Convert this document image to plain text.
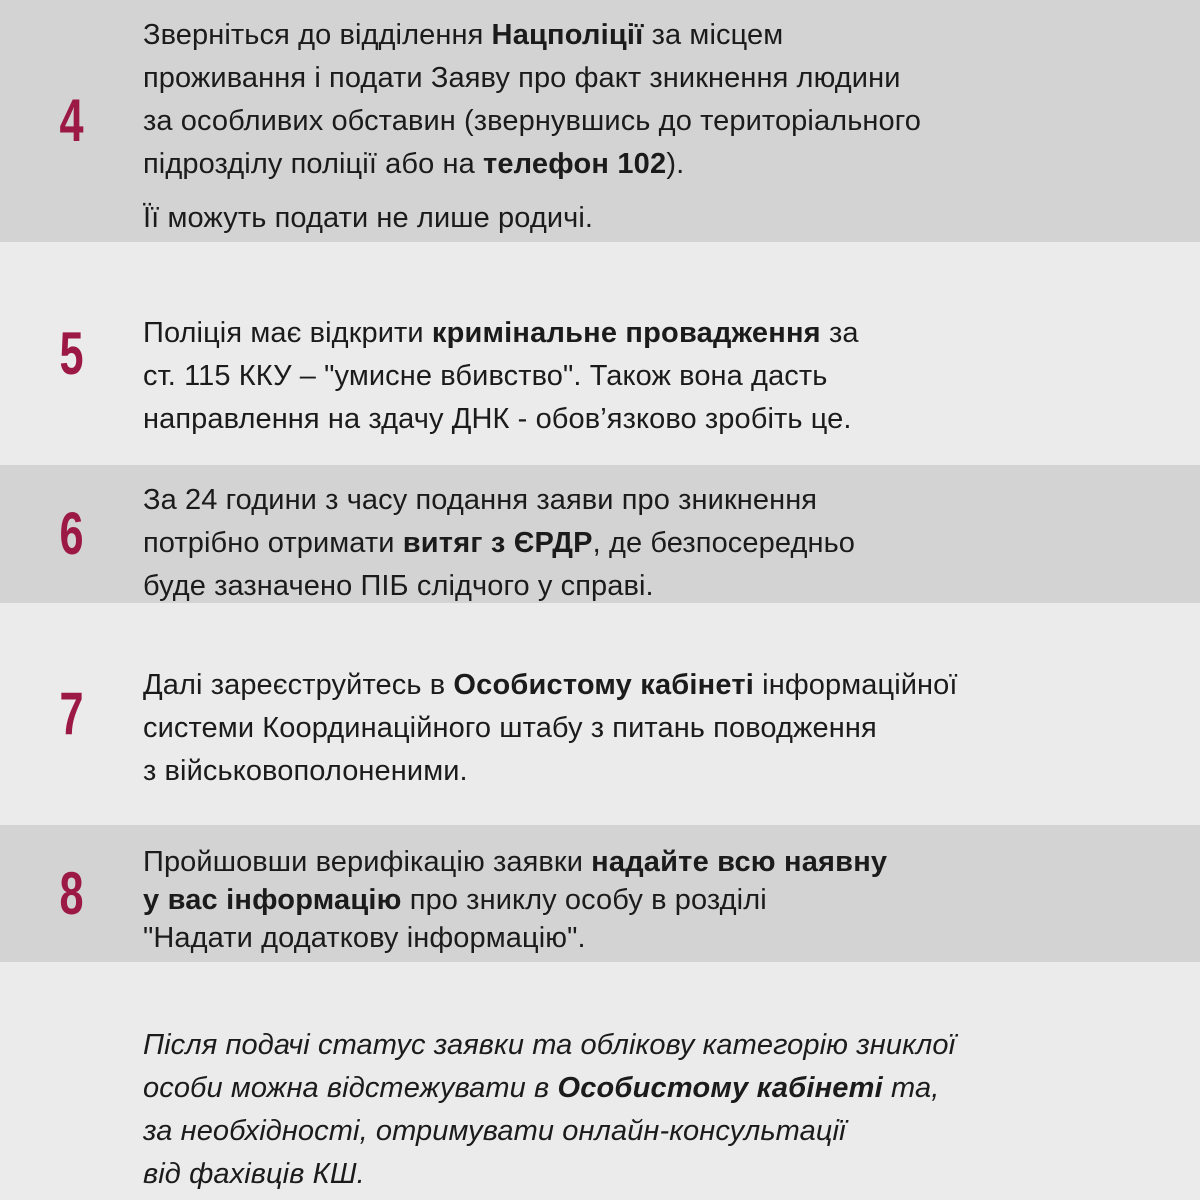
4
Зверніться до відділення Нацполіції за місцем
проживання і подати Заяву про факт зникнення людини
за особливих обставин (звернувшись до територіального
підрозділу поліції або на телефон 102).
Її можуть подати не лише родичі.
5 Поліція має відкрити кримінальне провадження за
ст. 115 ККУ – "умисне вбивство". Також вона дасть
направлення на здачу ДНК - обов’язково зробіть це.
6 За 24 години з часу подання заяви про зникнення
потрібно отримати витяг з ЄРДР, де безпосередньо
буде зазначено ПІБ слідчого у справі.
7 Далі зареєструйтесь в Особистому кабінеті інформаційної
системи Координаційного штабу з питань поводження
з військовополоненими.
8 Пройшовши верифікацію заявки надайте всю наявну
у вас інформацію про зниклу особу в розділі
"Надати додаткову інформацію".
Після подачі статус заявки та облікову категорію зниклої
особи можна відстежувати в Особистому кабінеті та,
за необхідності, отримувати онлайн-консультації
від фахівців КШ.
